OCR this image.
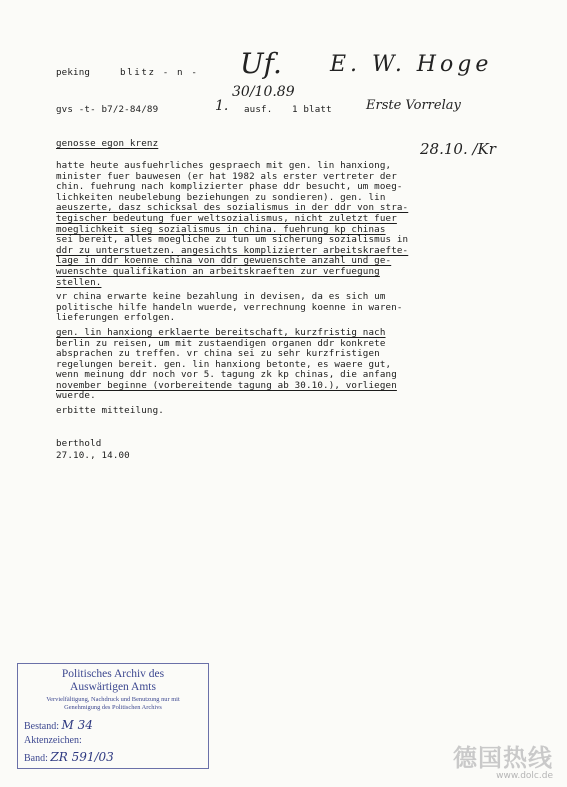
peking	blitz - n - Uf. E. W. Hoge
gvs -t- b7/2-84/89	1.
30/10.89
ausf. 1 blatt	Erste Vorrelay
genosse egon krenz	28.10. /Kr
hatte heute ausfuehrliches gespraech mit gen. lin hanxiong,
minister fuer bauwesen (er hat 1982 als erster vertreter der
chin. fuehrung nach komplizierter phase ddr besucht, um moeg-
lichkeiten neubelebung beziehungen zu sondieren). gen. lin
aeuszerte, dasz schicksal des sozialismus in der ddr von stra-
tegischer bedeutung fuer weltsozialismus, nicht zuletzt fuer
moeglichkeit sieg sozialismus in china. fuehrung kp chinas
sei bereit, alles moegliche zu tun um sicherung sozialismus in
ddr zu unterstuetzen. angesichts komplizierter arbeitskraefte-
lage in ddr koenne china von ddr gewuenschte anzahl und ge-
wuenschte qualifikation an arbeitskraeften zur verfuegung
stellen.
vr china erwarte keine bezahlung in devisen, da es sich um
politische hilfe handeln wuerde, verrechnung koenne in waren-
lieferungen erfolgen.
gen. lin hanxiong erklaerte bereitschaft, kurzfristig nach
berlin zu reisen, um mit zustaendigen organen ddr konkrete
absprachen zu treffen. vr china sei zu sehr kurzfristigen
regelungen bereit. gen. lin hanxiong betonte, es waere gut,
wenn meinung ddr noch vor 5. tagung zk kp chinas, die anfang
november beginne (vorbereitende tagung ab 30.10.), vorliegen
wuerde.
erbitte mitteilung.
berthold
27.10., 14.00
Politisches Archiv des
Auswärtigen Amts
Vervielfältigung, Nachdruck und Benutzung nur mit
Genehmigung des Politischen Archivs
Bestand: M 34
Aktenzeichen:
Band: ZR 591/03	德国热线
www.dolc.de
